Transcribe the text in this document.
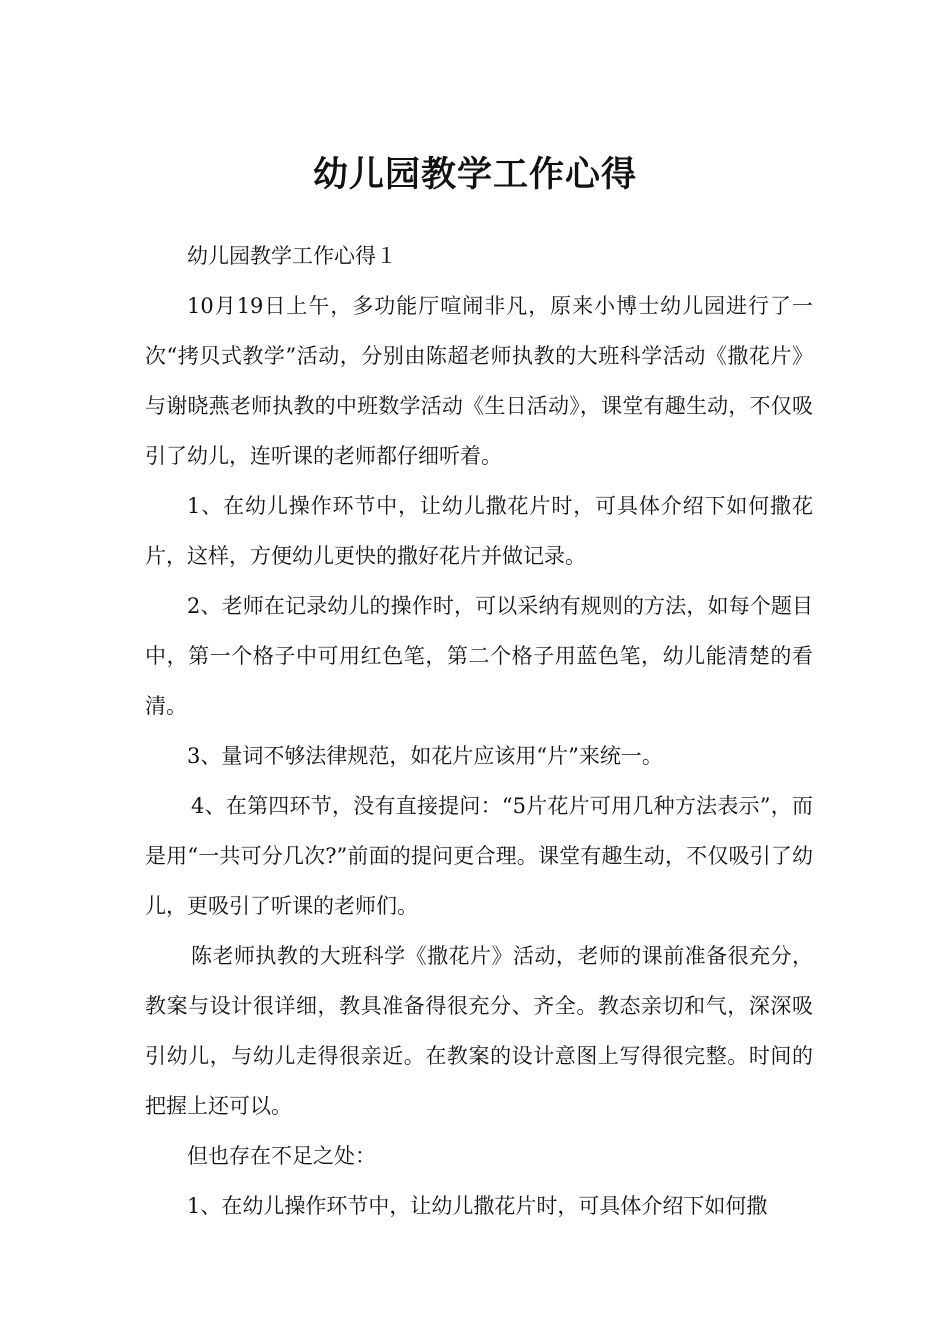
幼儿园教学工作心得

幼儿园教学工作心得１

10月19日上午，多功能厅喧闹非凡，原来小博士幼儿园进行了一次“拷贝式教学”活动，分别由陈超老师执教的大班科学活动《撒花片》与谢晓燕老师执教的中班数学活动《生日活动》，课堂有趣生动，不仅吸引了幼儿，连听课的老师都仔细听着。

1、在幼儿操作环节中，让幼儿撒花片时，可具体介绍下如何撒花片，这样，方便幼儿更快的撒好花片并做记录。

2、老师在记录幼儿的操作时，可以采纳有规则的方法，如每个题目中，第一个格子中可用红色笔，第二个格子用蓝色笔，幼儿能清楚的看清。

3、量词不够法律规范，如花片应该用“片”来统一。

4、在第四环节，没有直接提问：“5片花片可用几种方法表示”，而是用“一共可分几次?”前面的提问更合理。课堂有趣生动，不仅吸引了幼儿，更吸引了听课的老师们。

陈老师执教的大班科学《撒花片》活动，老师的课前准备很充分，教案与设计很详细，教具准备得很充分、齐全。教态亲切和气，深深吸引幼儿，与幼儿走得很亲近。在教案的设计意图上写得很完整。时间的把握上还可以。

但也存在不足之处：

1、在幼儿操作环节中，让幼儿撒花片时，可具体介绍下如何撒
